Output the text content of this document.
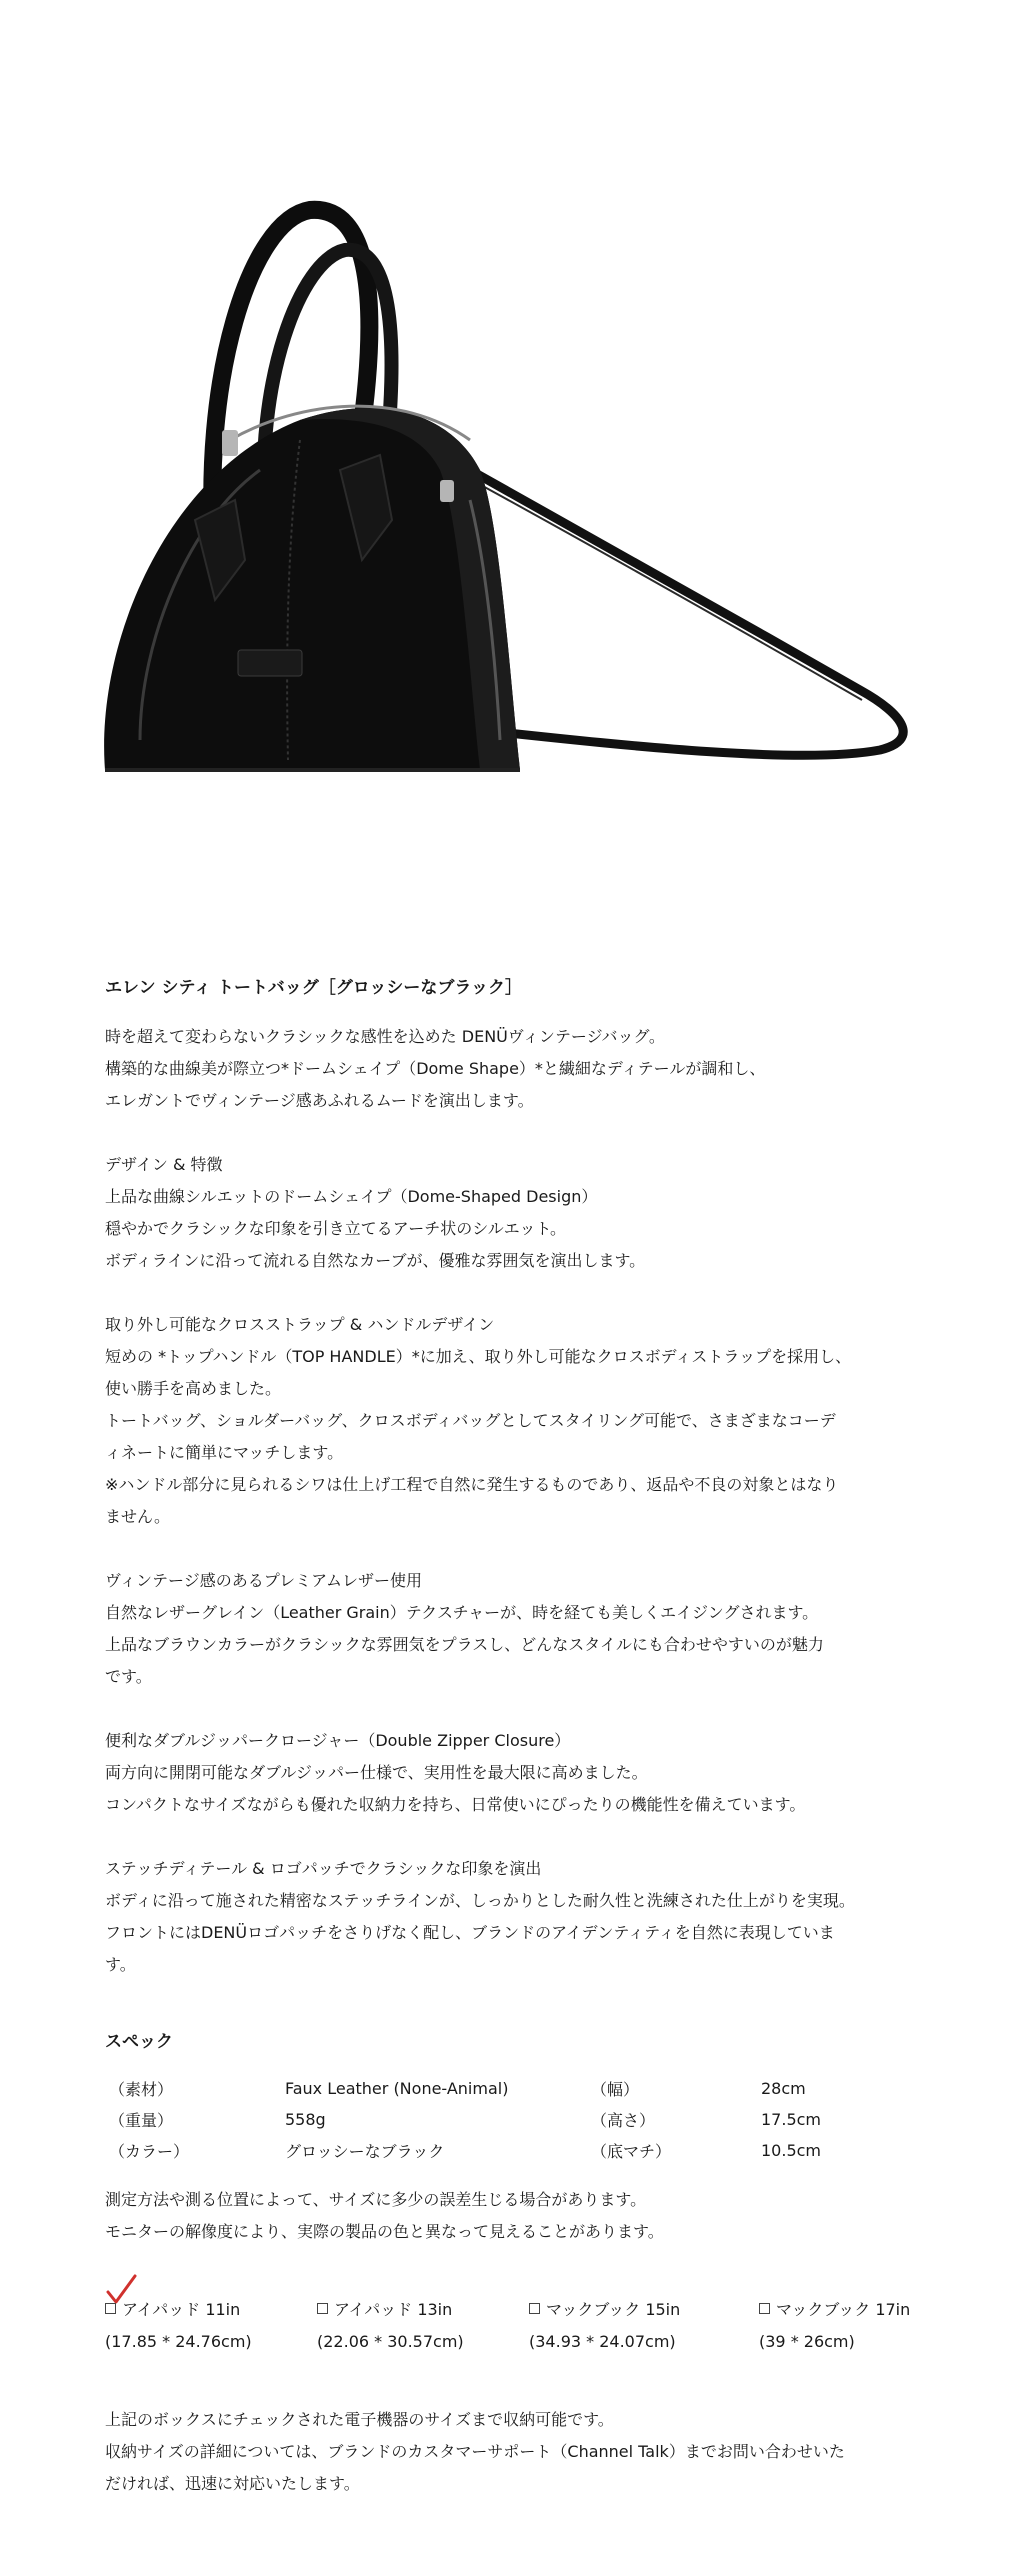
エレン シティ トートバッグ［グロッシーなブラック］

時を超えて変わらないクラシックな感性を込めた DENÜヴィンテージバッグ。
構築的な曲線美が際立つ*ドームシェイプ（Dome Shape）*と繊細なディテールが調和し、
エレガントでヴィンテージ感あふれるムードを演出します。

デザイン & 特徴
上品な曲線シルエットのドームシェイプ（Dome-Shaped Design）
穏やかでクラシックな印象を引き立てるアーチ状のシルエット。
ボディラインに沿って流れる自然なカーブが、優雅な雰囲気を演出します。

取り外し可能なクロスストラップ & ハンドルデザイン
短めの *トップハンドル（TOP HANDLE）*に加え、取り外し可能なクロスボディストラップを採用し、
使い勝手を高めました。
トートバッグ、ショルダーバッグ、クロスボディバッグとしてスタイリング可能で、さまざまなコーデ
ィネートに簡単にマッチします。
※ハンドル部分に見られるシワは仕上げ工程で自然に発生するものであり、返品や不良の対象とはなり
ません。

ヴィンテージ感のあるプレミアムレザー使用
自然なレザーグレイン（Leather Grain）テクスチャーが、時を経ても美しくエイジングされます。
上品なブラウンカラーがクラシックな雰囲気をプラスし、どんなスタイルにも合わせやすいのが魅力
です。

便利なダブルジッパークロージャー（Double Zipper Closure）
両方向に開閉可能なダブルジッパー仕様で、実用性を最大限に高めました。
コンパクトなサイズながらも優れた収納力を持ち、日常使いにぴったりの機能性を備えています。

ステッチディテール & ロゴパッチでクラシックな印象を演出
ボディに沿って施された精密なステッチラインが、しっかりとした耐久性と洗練された仕上がりを実現。
フロントにはDENÜロゴパッチをさりげなく配し、ブランドのアイデンティティを自然に表現していま
す。

スペック
（素材）	Faux Leather (None-Animal)	（幅）	28cm
（重量）	558g	（高さ）	17.5cm
（カラー）	グロッシーなブラック	（底マチ）	10.5cm

測定方法や測る位置によって、サイズに多少の誤差生じる場合があります。
モニターの解像度により、実際の製品の色と異なって見えることがあります。

アイパッド 11in
(17.85 * 24.76cm)
アイパッド 13in
(22.06 * 30.57cm)
マックブック 15in
(34.93 * 24.07cm)
マックブック 17in
(39 * 26cm)

上記のボックスにチェックされた電子機器のサイズまで収納可能です。
収納サイズの詳細については、ブランドのカスタマーサポート（Channel Talk）までお問い合わせいた
だければ、迅速に対応いたします。
